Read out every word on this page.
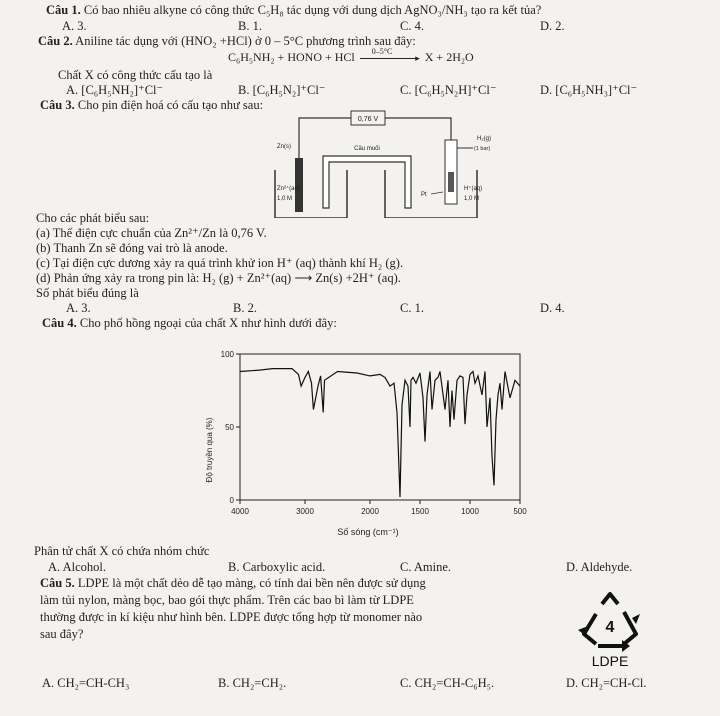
Câu 1. Có bao nhiêu alkyne có công thức C₅H₈ tác dụng với dung dịch AgNO₃/NH₃ tạo ra kết tủa?
A. 3.	B. 1.	C. 4.	D. 2.
Câu 2. Aniline tác dụng với (HNO₂ +HCl) ở 0 – 5°C phương trình sau đây:
C₆H₅NH₂ + HONO + HCl 0–5°C
▸ X + 2H₂O
Chất X có công thức cấu tạo là
A. [C₆H₅NH₂]⁺Cl⁻	B. [C₆H₅N₂]⁺Cl⁻	C. [C₆H₅N₂H]⁺Cl⁻	D. [C₆H₅NH₃]⁺Cl⁻
Câu 3. Cho pin điện hoá có cấu tạo như sau:
0,76 V
Zn(s)	Cầu muối
Zn²⁺(aq)
1,0 M
H₂(g)
(1 bar)
Pt
H⁺(aq)
1,0 M
Cho các phát biểu sau:
(a) Thế điện cực chuẩn của Zn²⁺/Zn là 0,76 V.
(b) Thanh Zn sẽ đóng vai trò là anode.
(c) Tại điện cực dương xảy ra quá trình khử ion H⁺ (aq) thành khí H₂ (g).
(d) Phản ứng xảy ra trong pin là: H₂ (g) + Zn²⁺(aq) ⟶ Zn(s) +2H⁺ (aq).
Số phát biểu đúng là
A. 3.	B. 2.	C. 1.	D. 4.
Câu 4. Cho phổ hồng ngoại của chất X như hình dưới đây:
4000	3000	2000	1500	1000	500
0
50
100
Số sóng (cm⁻¹)
Độ truyền qua (%)
Phân tử chất X có chứa nhóm chức
A. Alcohol.	B. Carboxylic acid.	C. Amine.	D. Aldehyde.
Câu 5. LDPE là một chất dẻo dễ tạo màng, có tính dai bền nên được sử dụng
làm tủi nylon, màng bọc, bao gói thực phẩm. Trên các bao bì làm từ LDPE
thường được in kí kiệu như hình bên. LDPE được tổng hợp từ monomer nào
sau đây?	4
LDPE
A. CH₂=CH-CH₃	B. CH₂=CH₂.	C. CH₂=CH-C₆H₅.	D. CH₂=CH-Cl.
